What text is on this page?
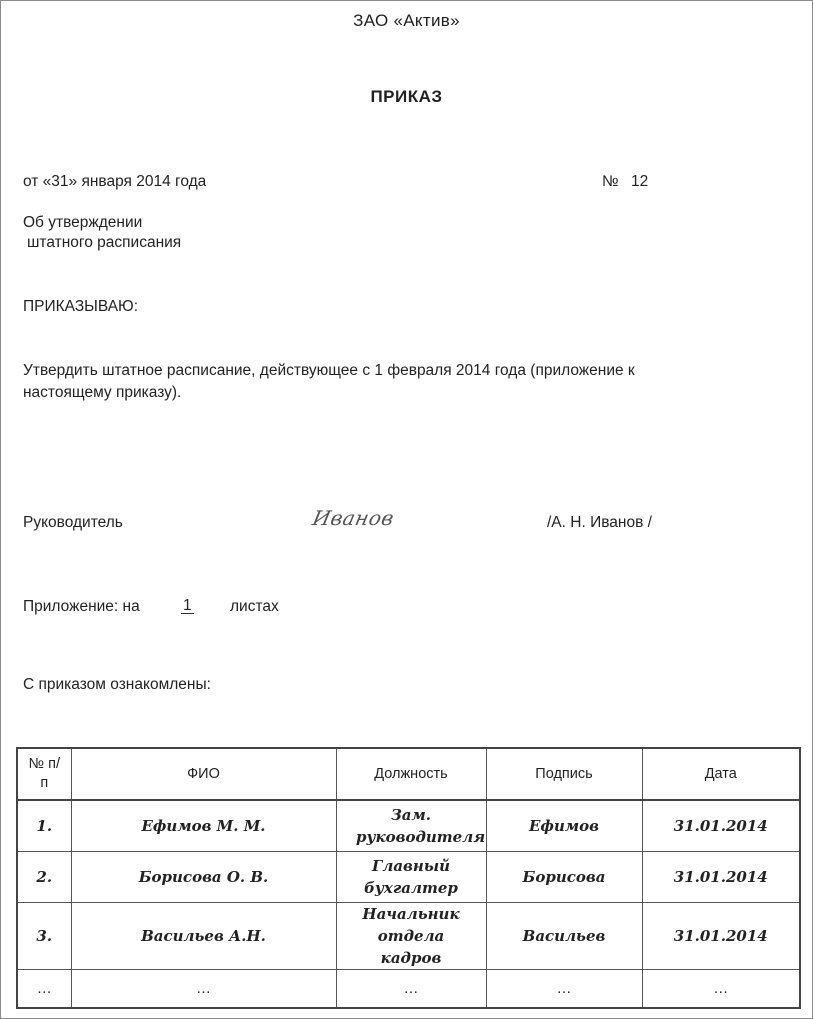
ЗАО «Актив»
ПРИКАЗ
от «31» января 2014 года	№ 12
Об утверждении
штатного расписания
ПРИКАЗЫВАЮ:
Утвердить штатное расписание, действующее с 1 февраля 2014 года (приложение к
настоящему приказу).
Руководитель	Иванов	/А. Н. Иванов /
Приложение: на	1 листах
С приказом ознакомлены:
№ п/п	ФИО	Должность	Подпись	Дата
1.	Ефимов М. М.	Зам. руководителя	Ефимов	31.01.2014
2.	Борисова О. В.	Главный бухгалтер	Борисова	31.01.2014
3.	Васильев А.Н.	Начальник отдела кадров	Васильев	31.01.2014
…	…	…	…	…
